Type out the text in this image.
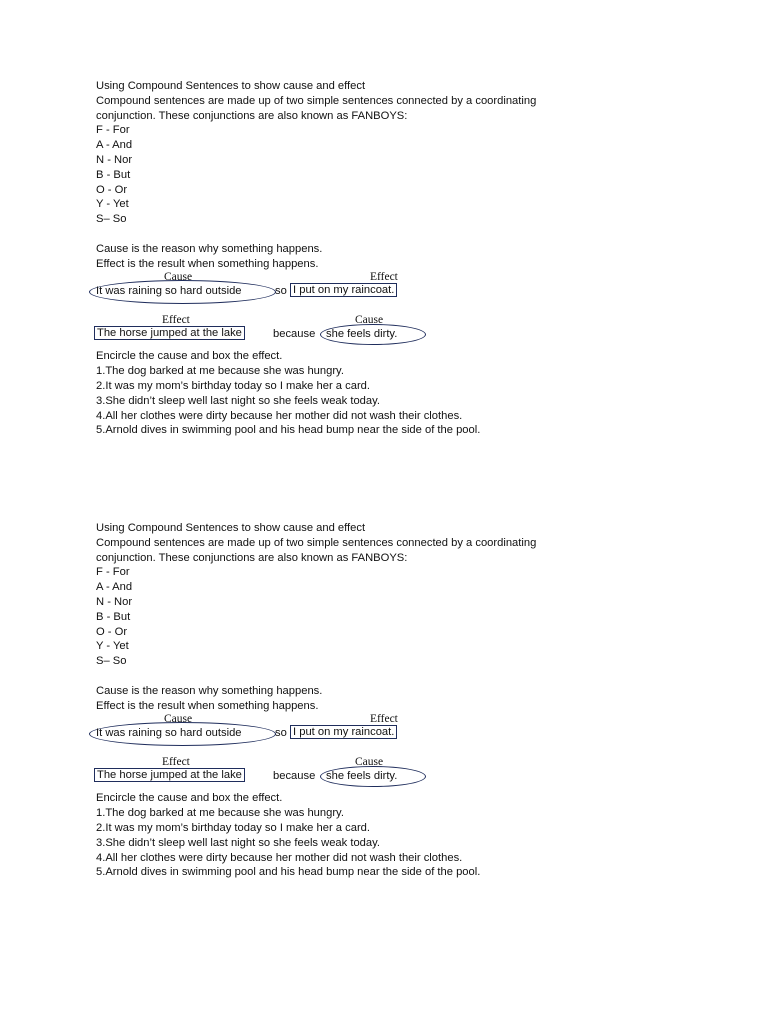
Using Compound Sentences to show cause and effect
Compound sentences are made up of two simple sentences connected by a coordinating
conjunction. These conjunctions are also known as FANBOYS:
F - For
A - And
N - Nor
B - But
O - Or
Y - Yet
S– So
Cause is the reason why something happens.
Effect is the result when something happens.
Cause	Effect
It was raining so hard outside	so I put on my raincoat.
Effect	Cause
The horse jumped at the lake	because she feels dirty.
Encircle the cause and box the effect.
1.The dog barked at me because she was hungry.
2.It was my mom’s birthday today so I make her a card.
3.She didn’t sleep well last night so she feels weak today.
4.All her clothes were dirty because her mother did not wash their clothes.
5.Arnold dives in swimming pool and his head bump near the side of the pool.
Using Compound Sentences to show cause and effect
Compound sentences are made up of two simple sentences connected by a coordinating
conjunction. These conjunctions are also known as FANBOYS:
F - For
A - And
N - Nor
B - But
O - Or
Y - Yet
S– So
Cause is the reason why something happens.
Effect is the result when something happens.
Cause	Effect
It was raining so hard outside	so I put on my raincoat.
Effect	Cause
The horse jumped at the lake	because she feels dirty.
Encircle the cause and box the effect.
1.The dog barked at me because she was hungry.
2.It was my mom’s birthday today so I make her a card.
3.She didn’t sleep well last night so she feels weak today.
4.All her clothes were dirty because her mother did not wash their clothes.
5.Arnold dives in swimming pool and his head bump near the side of the pool.
